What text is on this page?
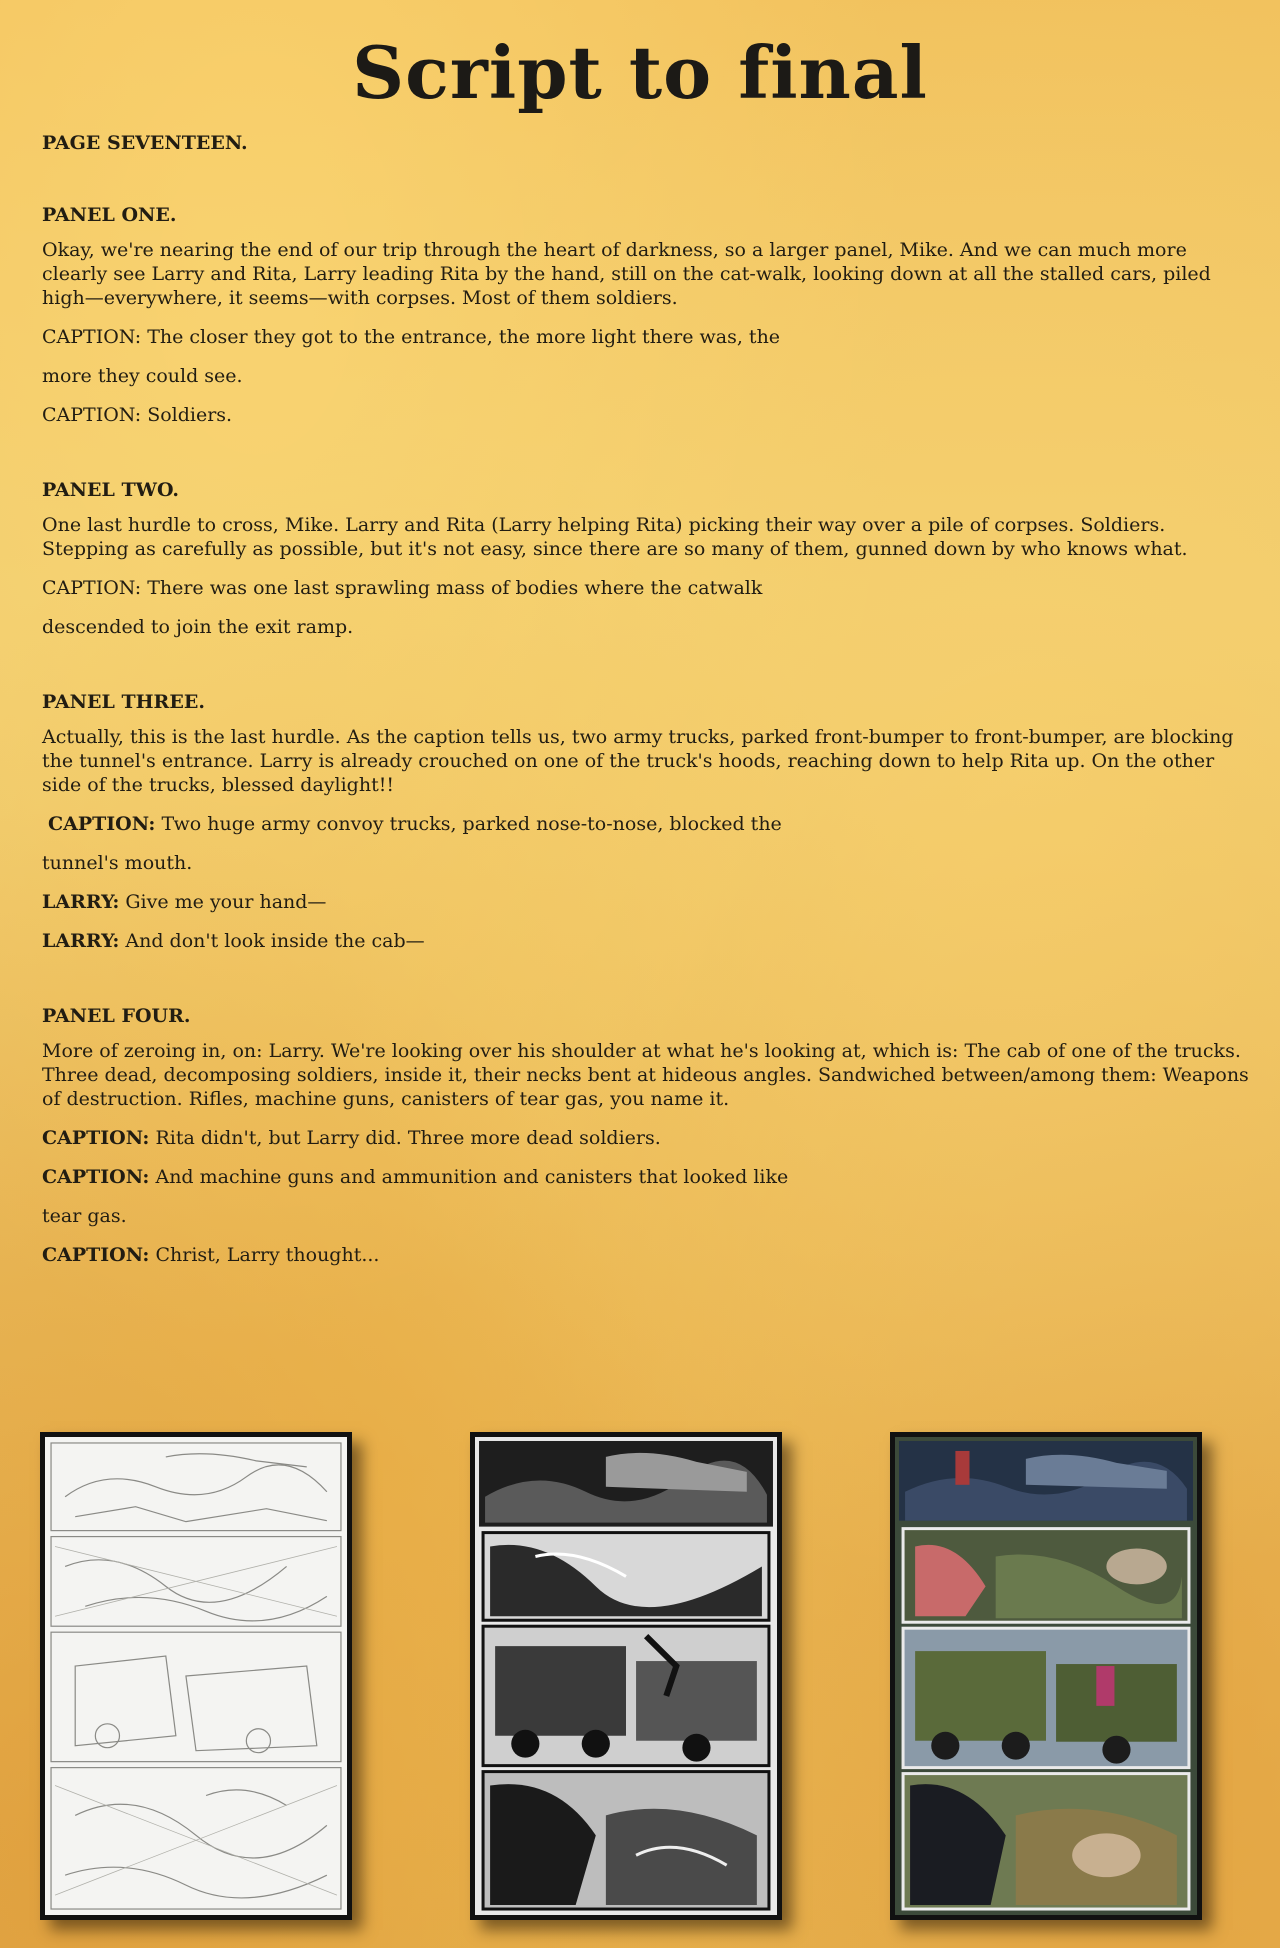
Script to final

PAGE SEVENTEEN.

PANEL ONE.

Okay, we're nearing the end of our trip through the heart of darkness, so a larger panel, Mike. And we can much more clearly see Larry and Rita, Larry leading Rita by the hand, still on the cat-walk, looking down at all the stalled cars, piled high—everywhere, it seems—with corpses. Most of them soldiers.

CAPTION: The closer they got to the entrance, the more light there was, the

more they could see.

CAPTION: Soldiers.

PANEL TWO.

One last hurdle to cross, Mike. Larry and Rita (Larry helping Rita) picking their way over a pile of corpses. Soldiers. Stepping as carefully as possible, but it's not easy, since there are so many of them, gunned down by who knows what.

CAPTION: There was one last sprawling mass of bodies where the catwalk

descended to join the exit ramp.

PANEL THREE.

Actually, this is the last hurdle. As the caption tells us, two army trucks, parked front-bumper to front-bumper, are blocking the tunnel's entrance. Larry is already crouched on one of the truck's hoods, reaching down to help Rita up. On the other side of the trucks, blessed daylight!!

CAPTION: Two huge army convoy trucks, parked nose-to-nose, blocked the

tunnel's mouth.

LARRY: Give me your hand—

LARRY: And don't look inside the cab—

PANEL FOUR.

More of zeroing in, on: Larry. We're looking over his shoulder at what he's looking at, which is: The cab of one of the trucks. Three dead, decomposing soldiers, inside it, their necks bent at hideous angles. Sandwiched between/among them: Weapons of destruction. Rifles, machine guns, canisters of tear gas, you name it.

CAPTION: Rita didn't, but Larry did. Three more dead soldiers.

CAPTION: And machine guns and ammunition and canisters that looked like

tear gas.

CAPTION: Christ, Larry thought...
